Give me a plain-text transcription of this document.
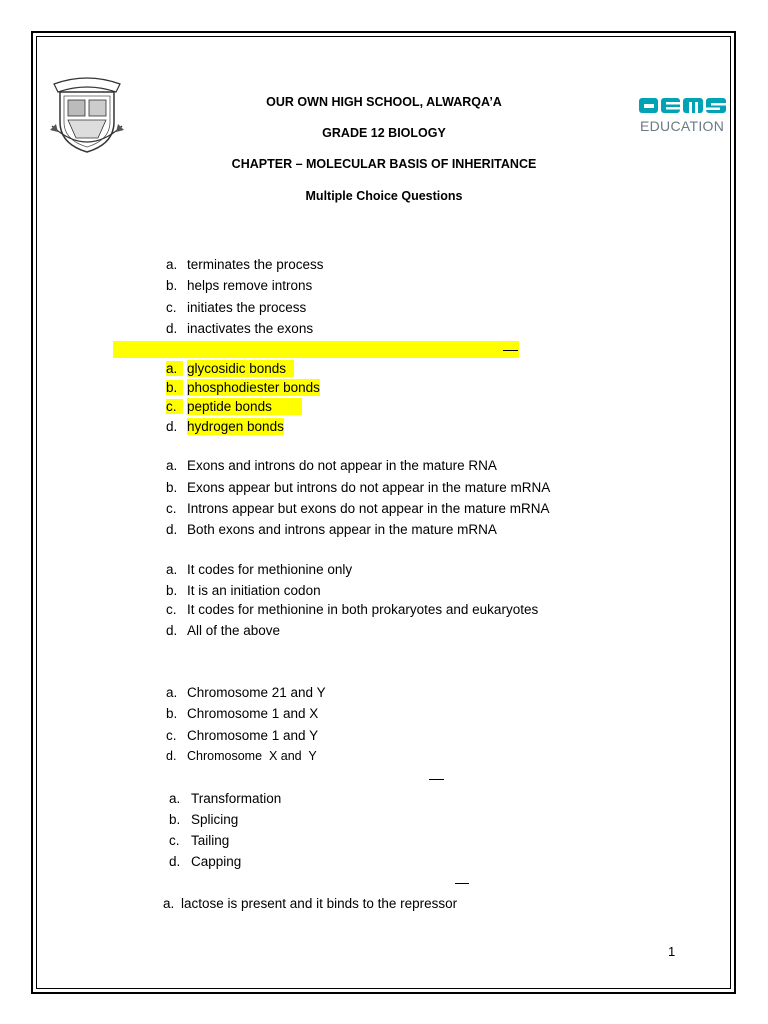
EDUCATION
OUR OWN HIGH SCHOOL, ALWARQA’A
GRADE 12 BIOLOGY
CHAPTER – MOLECULAR BASIS OF INHERITANCE
Multiple Choice Questions
a. terminates the process
b. helps remove introns
c. initiates the process
d. inactivates the exons
a. glycosidic bonds
b. phosphodiester bonds
c. peptide bonds
d. hydrogen bonds
a. Exons and introns do not appear in the mature RNA
b. Exons appear but introns do not appear in the mature mRNA
c. Introns appear but exons do not appear in the mature mRNA
d. Both exons and introns appear in the mature mRNA
a. It codes for methionine only
b. It is an initiation codon
c. It codes for methionine in both prokaryotes and eukaryotes
d. All of the above
a. Chromosome 21 and Y
b. Chromosome 1 and X
c. Chromosome 1 and Y
d. Chromosome  X and  Y
a. Transformation
b. Splicing
c. Tailing
d. Capping
a. lactose is present and it binds to the repressor
1
